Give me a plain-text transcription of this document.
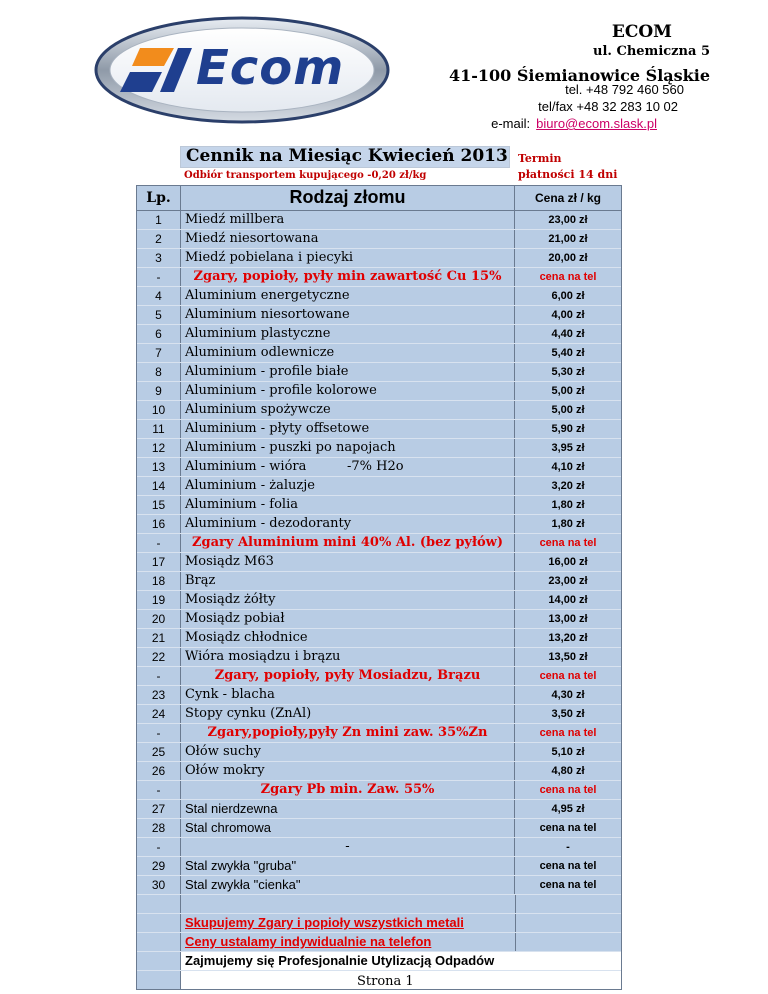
Ecom
ECOM
ul. Chemiczna 5
41-100 Śiemianowice Śląskie
tel. +48 792 460 560
tel/fax +48 32 283 10 02
e-mail: biuro@ecom.slask.pl
Cennik na Miesiąc Kwiecień 2013
Odbiór transportem kupującego -0,20 zł/kg
Termin
płatności 14 dni
Lp.	Rodzaj złomu	Cena zł / kg
1	Miedź millbera	23,00 zł
2	Miedź niesortowana	21,00 zł
3	Miedź pobielana i piecyki	20,00 zł
-	Zgary, popioły, pyły min zawartość Cu 15%	cena na tel
4	Aluminium energetyczne	6,00 zł
5	Aluminium niesortowane	4,00 zł
6	Aluminium plastyczne	4,40 zł
7	Aluminium odlewnicze	5,40 zł
8	Aluminium - profile białe	5,30 zł
9	Aluminium - profile kolorowe	5,00 zł
10	Aluminium spożywcze	5,00 zł
11	Aluminium - płyty offsetowe	5,90 zł
12	Aluminium - puszki po napojach	3,95 zł
13	Aluminium - wióra	-7% H2o	4,10 zł
14	Aluminium - żaluzje	3,20 zł
15	Aluminium - folia	1,80 zł
16	Aluminium - dezodoranty	1,80 zł
-	Zgary Aluminium mini 40% Al. (bez pyłów)	cena na tel
17	Mosiądz M63	16,00 zł
18	Brąz	23,00 zł
19	Mosiądz żółty	14,00 zł
20	Mosiądz pobiał	13,00 zł
21	Mosiądz chłodnice	13,20 zł
22	Wióra mosiądzu i brązu	13,50 zł
-	Zgary, popioły, pyły Mosiadzu, Brązu	cena na tel
23	Cynk - blacha	4,30 zł
24	Stopy cynku (ZnAl)	3,50 zł
-	Zgary,popioły,pyły Zn mini zaw. 35%Zn	cena na tel
25	Ołów suchy	5,10 zł
26	Ołów mokry	4,80 zł
-	Zgary Pb min. Zaw. 55%	cena na tel
27	Stal nierdzewna	4,95 zł
28	Stal chromowa	cena na tel
-	-	-
29	Stal zwykła "gruba"	cena na tel
30	Stal zwykła "cienka"	cena na tel
Skupujemy Zgary i popioły wszystkich metali
Ceny ustalamy indywidualnie na telefon
Zajmujemy się Profesjonalnie Utylizacją Odpadów
Strona 1
